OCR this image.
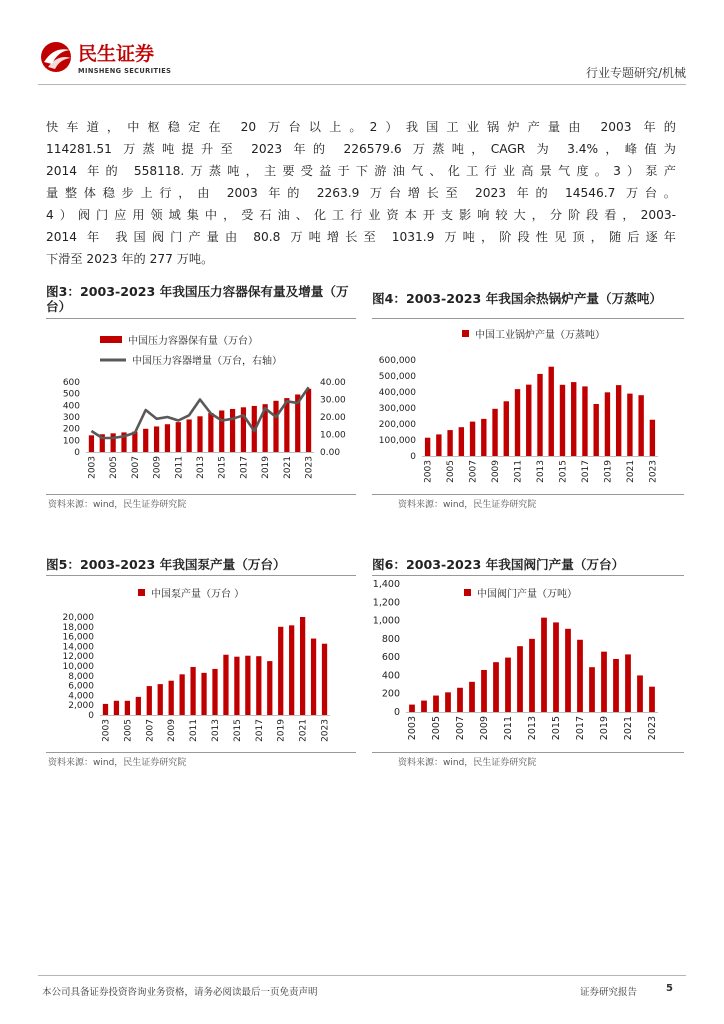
民生证券
MINSHENG SECURITIES	行业专题研究/机械

快车道，中枢稳定在 20 万台以上。2）我国工业锅炉产量由 2003 年的

114281.51 万蒸吨提升至 2023 年的 226579.6 万蒸吨，CAGR 为 3.4%，峰值为

2014 年的 558118.万蒸吨，主要受益于下游油气、化工行业高景气度。3）泵产

量整体稳步上行，由 2003 年的 2263.9 万台增长至 2023 年的 14546.7 万台。

4）阀门应用领域集中，受石油、化工行业资本开支影响较大，分阶段看，2003-

2014 年 我国阀门产量由 80.8 万吨增长至 1031.9 万吨，阶段性见顶，随后逐年

下滑至 2023 年的 277 万吨。

图3：2003-2023 年我国压力容器保有量及增量（万
台）
0
100
200
300
400
500
600
0.00
10.00
20.00
30.00
40.00
2003 2005 2007 2009 2011 2013 2015 2017 2019 2021 2023
中国压力容器保有量（万台）
中国压力容器增量（万台，右轴）
资料来源：wind，民生证券研究院
图4：2003-2023 年我国余热锅炉产量（万蒸吨）
0
100,000
200,000
300,000
400,000
500,000
600,000
2003 2005 2007 2009 2011 2013 2015 2017 2019 2021 2023
中国工业锅炉产量（万蒸吨）
资料来源：wind，民生证券研究院
图5：2003-2023 年我国泵产量（万台）
0
2,000
4,000
6,000
8,000
10,000
12,000
14,000
16,000
18,000
20,000
2003 2005 2007 2009 2011 2013 2015 2017 2019 2021 2023
中国泵产量（万台 ）
资料来源：wind，民生证券研究院
图6：2003-2023 年我国阀门产量（万台）
0
200
400
600
800
1,000
1,200
1,400
2003 2005 2007 2009 2011 2013 2015 2017 2019 2021 2023
中国阀门产量（万吨）
资料来源：wind，民生证券研究院
本公司具备证券投资咨询业务资格，请务必阅读最后一页免责声明	证券研究报告	5
